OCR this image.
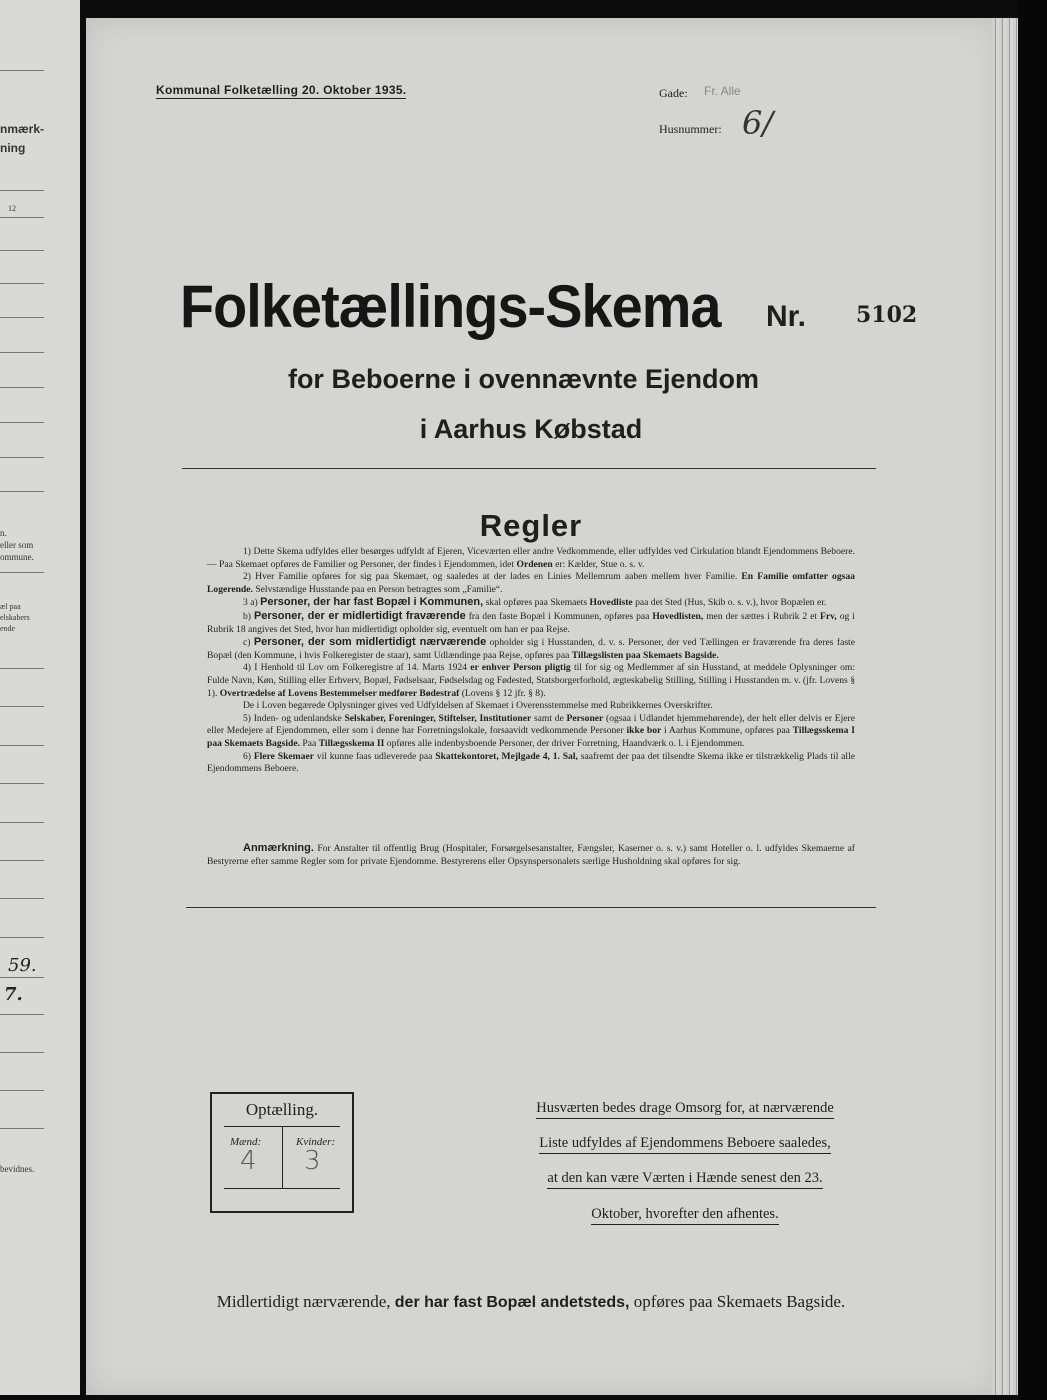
nmærk-
ning
12
n.
eller som
ommune.
æl paa
elskabers
ende
59.
7.
bevidnes.
Kommunal Folketælling 20. Oktober 1935.	Gade: Fr. Alle
Husnummer: 6/
Folketællings-Skema Nr. 5102
for Beboerne i ovennævnte Ejendom
i Aarhus Købstad
Regler

1) Dette Skema udfyldes eller besørges udfyldt af Ejeren, Viceværten eller andre Vedkommende, eller udfyldes ved Cirkulation blandt Ejendommens Beboere. — Paa Skemaet opføres de Familier og Personer, der findes i Ejendommen, idet Ordenen er: Kælder, Stue o. s. v.

2) Hver Familie opføres for sig paa Skemaet, og saaledes at der lades en Linies Mellemrum aaben mellem hver Familie. En Familie omfatter ogsaa Logerende. Selvstændige Husstande paa en Person betragtes som „Familie“.

3 a) Personer, der har fast Bopæl i Kommunen, skal opføres paa Skemaets Hovedliste paa det Sted (Hus, Skib o. s. v.), hvor Bopælen er.

b) Personer, der er midlertidigt fraværende fra den faste Bopæl i Kommunen, opføres paa Hovedlisten, men der sættes i Rubrik 2 et Frv, og i Rubrik 18 angives det Sted, hvor han midlertidigt opholder sig, eventuelt om han er paa Rejse.

c) Personer, der som midlertidigt nærværende opholder sig i Husstanden, d. v. s. Personer, der ved Tællingen er fraværende fra deres faste Bopæl (den Kommune, i hvis Folkeregister de staar), samt Udlændinge paa Rejse, opføres paa Tillægslisten paa Skemaets Bagside.

4) I Henhold til Lov om Folkeregistre af 14. Marts 1924 er enhver Person pligtig til for sig og Medlemmer af sin Husstand, at meddele Oplysninger om: Fulde Navn, Køn, Stilling eller Erhverv, Bopæl, Fødselsaar, Fødselsdag og Fødested, Statsborgerforhold, ægteskabelig Stilling, Stilling i Husstanden m. v. (jfr. Lovens § 1). Overtrædelse af Lovens Bestemmelser medfører Bødestraf (Lovens § 12 jfr. § 8).

De i Loven begærede Oplysninger gives ved Udfyldelsen af Skemaet i Overensstemmelse med Rubrikkernes Overskrifter.

5) Inden- og udenlandske Selskaber, Foreninger, Stiftelser, Institutioner samt de Personer (ogsaa i Udlandet hjemmehørende), der helt eller delvis er Ejere eller Medejere af Ejendommen, eller som i denne har Forretningslokale, forsaavidt vedkommende Personer ikke bor i Aarhus Kommune, opføres paa Tillægsskema I paa Skemaets Bagside. Paa Tillægsskema II opføres alle indenbysboende Personer, der driver Forretning, Haandværk o. l. i Ejendommen.

6) Flere Skemaer vil kunne faas udleverede paa Skattekontoret, Mejlgade 4, 1. Sal, saafremt der paa det tilsendte Skema ikke er tilstrækkelig Plads til alle Ejendommens Beboere.

Anmærkning. For Anstalter til offentlig Brug (Hospitaler, Forsørgelsesanstalter, Fængsler, Kaserner o. s. v.) samt Hoteller o. l. udfyldes Skemaerne af Bestyrerne efter samme Regler som for private Ejendomme. Bestyrerens eller Opsynspersonalets særlige Husholdning skal opføres for sig.

Optælling.
Mænd:	Kvinder:
4 3
Husværten bedes drage Omsorg for, at nærværende
Liste udfyldes af Ejendommens Beboere saaledes,
at den kan være Værten i Hænde senest den 23.
Oktober, hvorefter den afhentes.
Midlertidigt nærværende, der har fast Bopæl andetsteds, opføres paa Skemaets Bagside.
